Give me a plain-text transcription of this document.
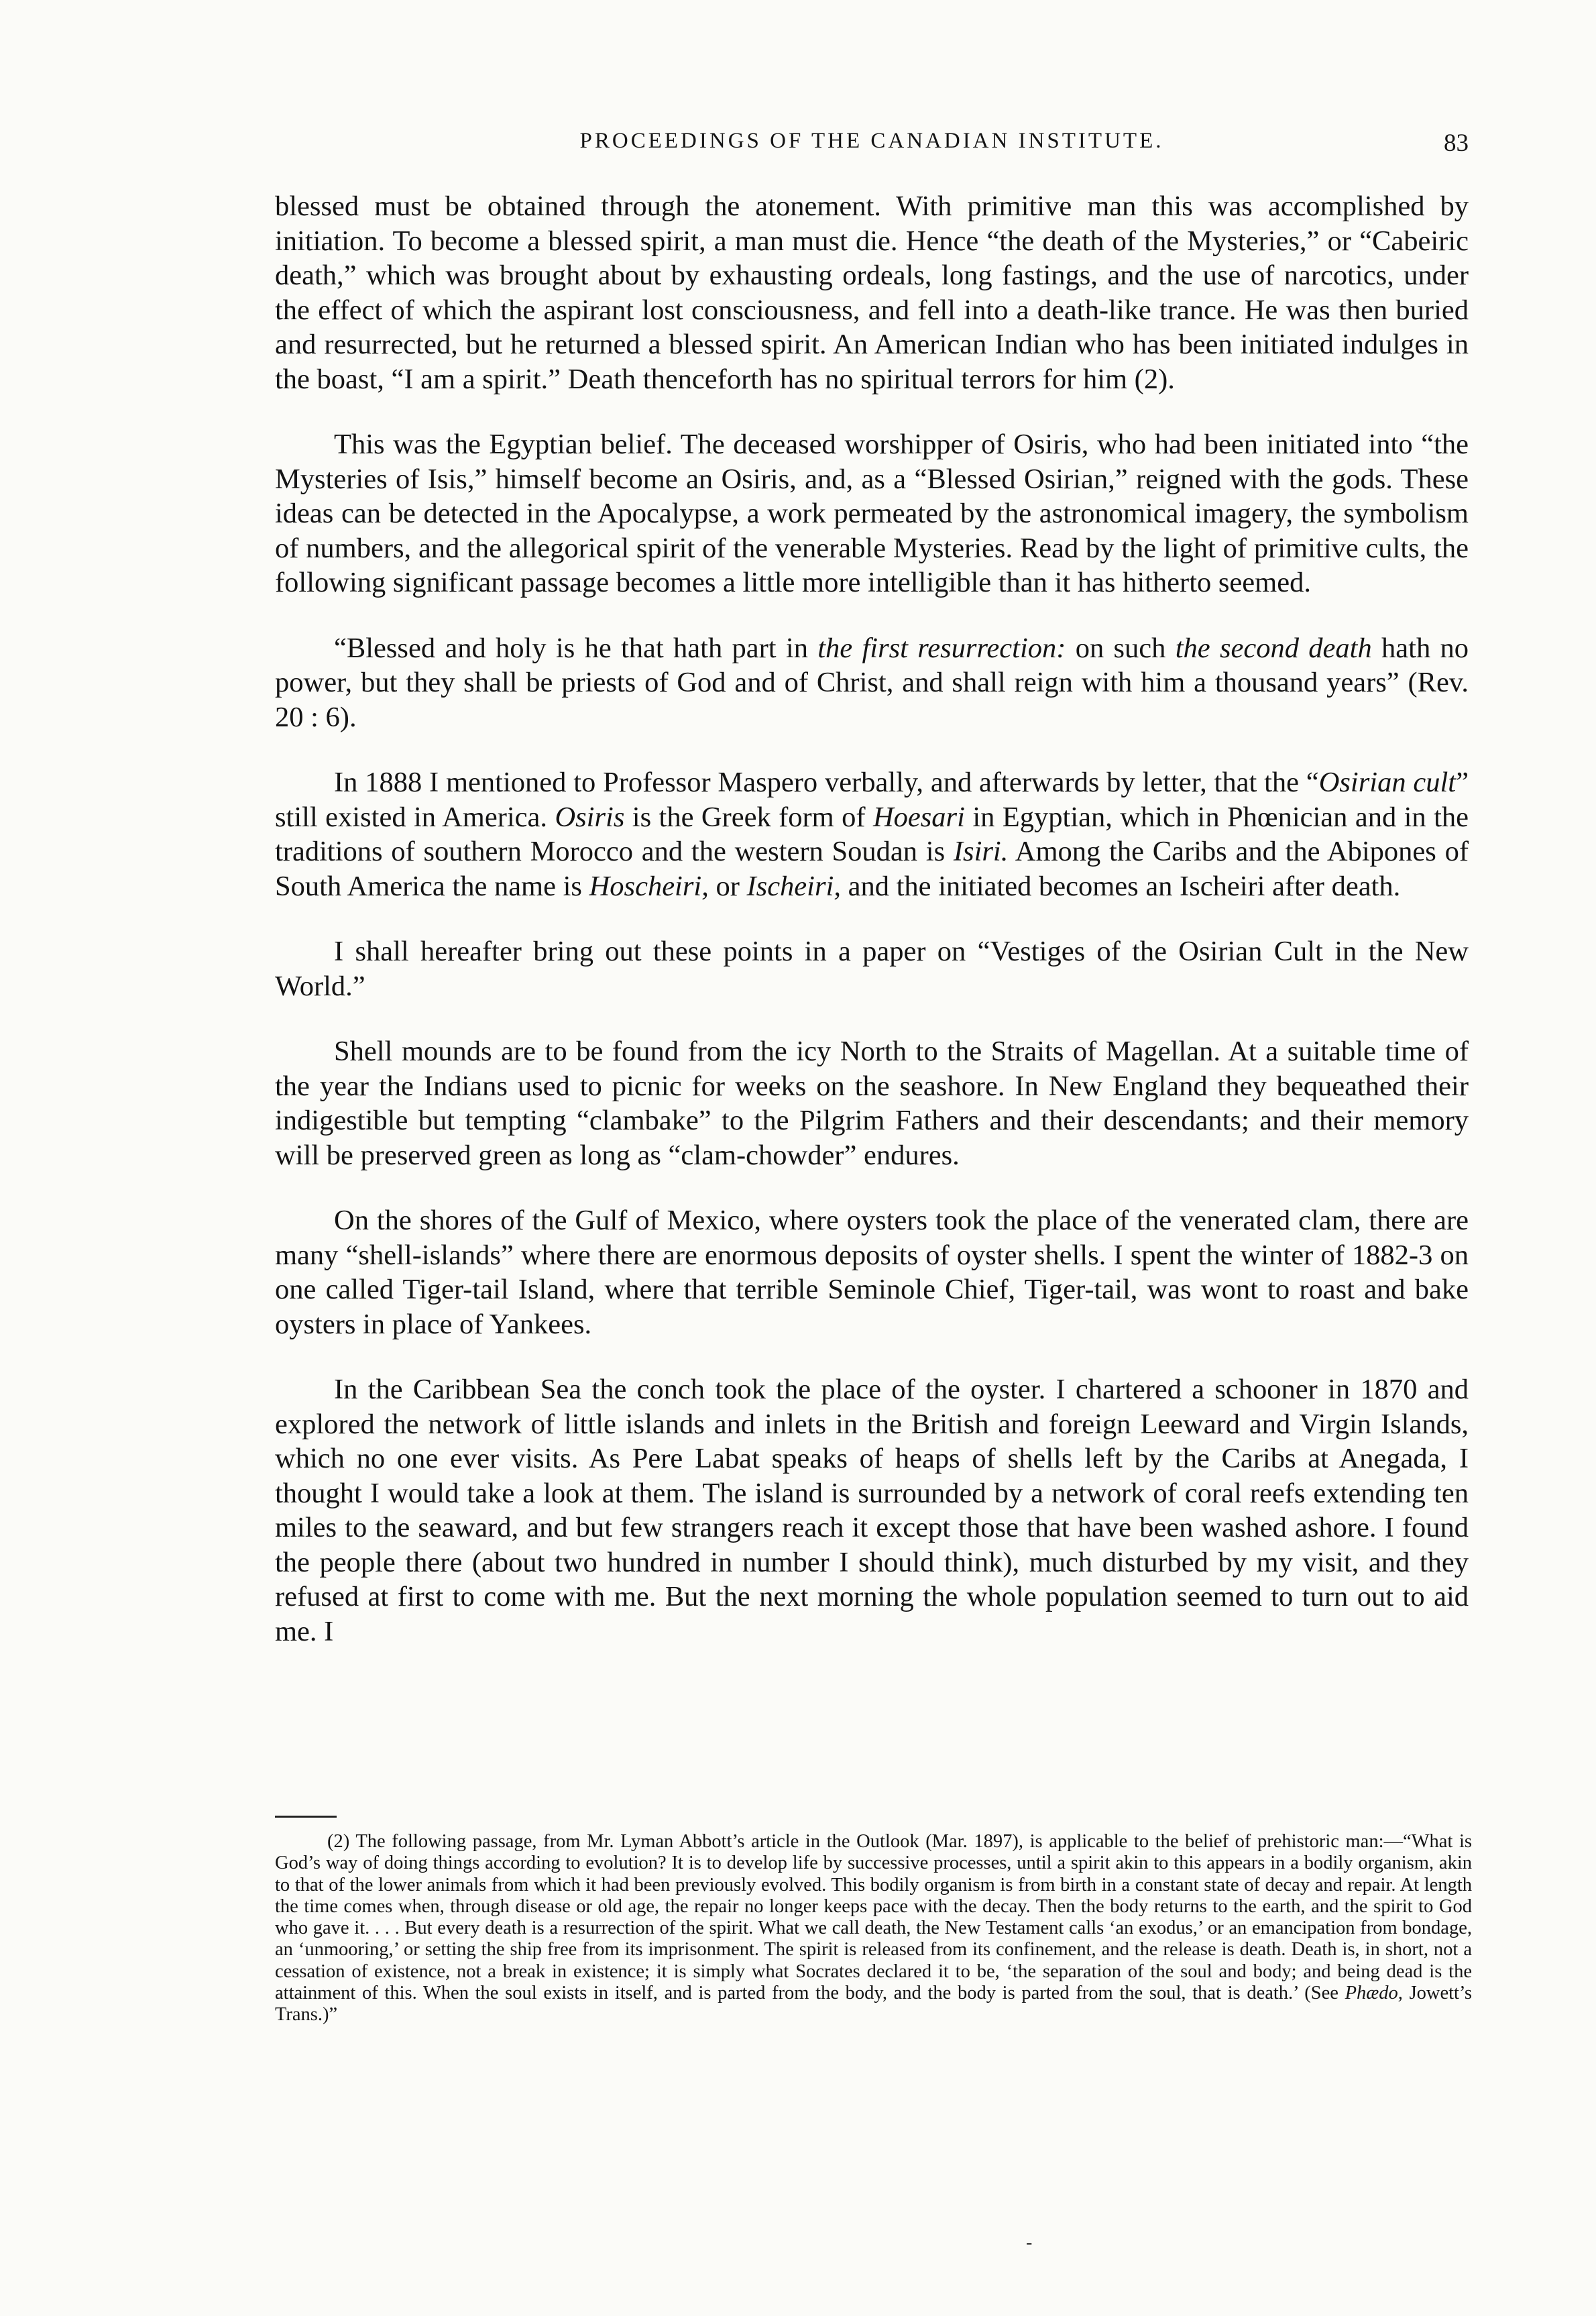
PROCEEDINGS OF THE CANADIAN INSTITUTE.	83

blessed must be obtained through the atonement. With primitive man this was accomplished by initiation. To become a blessed spirit, a man must die. Hence “the death of the Mysteries,” or “Cabeiric death,” which was brought about by exhausting ordeals, long fastings, and the use of narcotics, under the effect of which the aspirant lost consciousness, and fell into a death-like trance. He was then buried and resurrected, but he returned a blessed spirit. An American Indian who has been initiated indulges in the boast, “I am a spirit.” Death thenceforth has no spiritual terrors for him (2).

This was the Egyptian belief. The deceased worshipper of Osiris, who had been initiated into “the Mysteries of Isis,” himself become an Osiris, and, as a “Blessed Osirian,” reigned with the gods. These ideas can be detected in the Apocalypse, a work permeated by the astronomical imagery, the symbolism of numbers, and the allegorical spirit of the venerable Mysteries. Read by the light of primitive cults, the following significant passage becomes a little more intelligible than it has hitherto seemed.

“Blessed and holy is he that hath part in the first resurrection: on such the second death hath no power, but they shall be priests of God and of Christ, and shall reign with him a thousand years” (Rev. 20 : 6).

In 1888 I mentioned to Professor Maspero verbally, and afterwards by letter, that the “Osirian cult” still existed in America. Osiris is the Greek form of Hoesari in Egyptian, which in Phœnician and in the traditions of southern Morocco and the western Soudan is Isiri. Among the Caribs and the Abipones of South America the name is Hoscheiri, or Ischeiri, and the initiated becomes an Ischeiri after death.

I shall hereafter bring out these points in a paper on “Vestiges of the Osirian Cult in the New World.”

Shell mounds are to be found from the icy North to the Straits of Magellan. At a suitable time of the year the Indians used to picnic for weeks on the seashore. In New England they bequeathed their indigestible but tempting “clambake” to the Pilgrim Fathers and their descendants; and their memory will be preserved green as long as “clam-chowder” endures.

On the shores of the Gulf of Mexico, where oysters took the place of the venerated clam, there are many “shell-islands” where there are enormous deposits of oyster shells. I spent the winter of 1882-3 on one called Tiger-tail Island, where that terrible Seminole Chief, Tiger-tail, was wont to roast and bake oysters in place of Yankees.

In the Caribbean Sea the conch took the place of the oyster. I chartered a schooner in 1870 and explored the network of little islands and inlets in the British and foreign Leeward and Virgin Islands, which no one ever visits. As Pere Labat speaks of heaps of shells left by the Caribs at Anegada, I thought I would take a look at them. The island is surrounded by a network of coral reefs extending ten miles to the seaward, and but few strangers reach it except those that have been washed ashore. I found the people there (about two hundred in number I should think), much disturbed by my visit, and they refused at first to come with me. But the next morning the whole population seemed to turn out to aid me. I

(2) The following passage, from Mr. Lyman Abbott’s article in the Outlook (Mar. 1897), is applicable to the belief of prehistoric man:—“What is God’s way of doing things according to evolution? It is to develop life by successive processes, until a spirit akin to this appears in a bodily organism, akin to that of the lower animals from which it had been previously evolved. This bodily organism is from birth in a constant state of decay and repair. At length the time comes when, through disease or old age, the repair no longer keeps pace with the decay. Then the body returns to the earth, and the spirit to God who gave it. . . . But every death is a resurrection of the spirit. What we call death, the New Testament calls ‘an exodus,’ or an emancipation from bondage, an ‘unmooring,’ or setting the ship free from its imprisonment. The spirit is released from its confinement, and the release is death. Death is, in short, not a cessation of existence, not a break in existence; it is simply what Socrates declared it to be, ‘the separation of the soul and body; and being dead is the attainment of this. When the soul exists in itself, and is parted from the body, and the body is parted from the soul, that is death.’ (See Phædo, Jowett’s Trans.)”
-
